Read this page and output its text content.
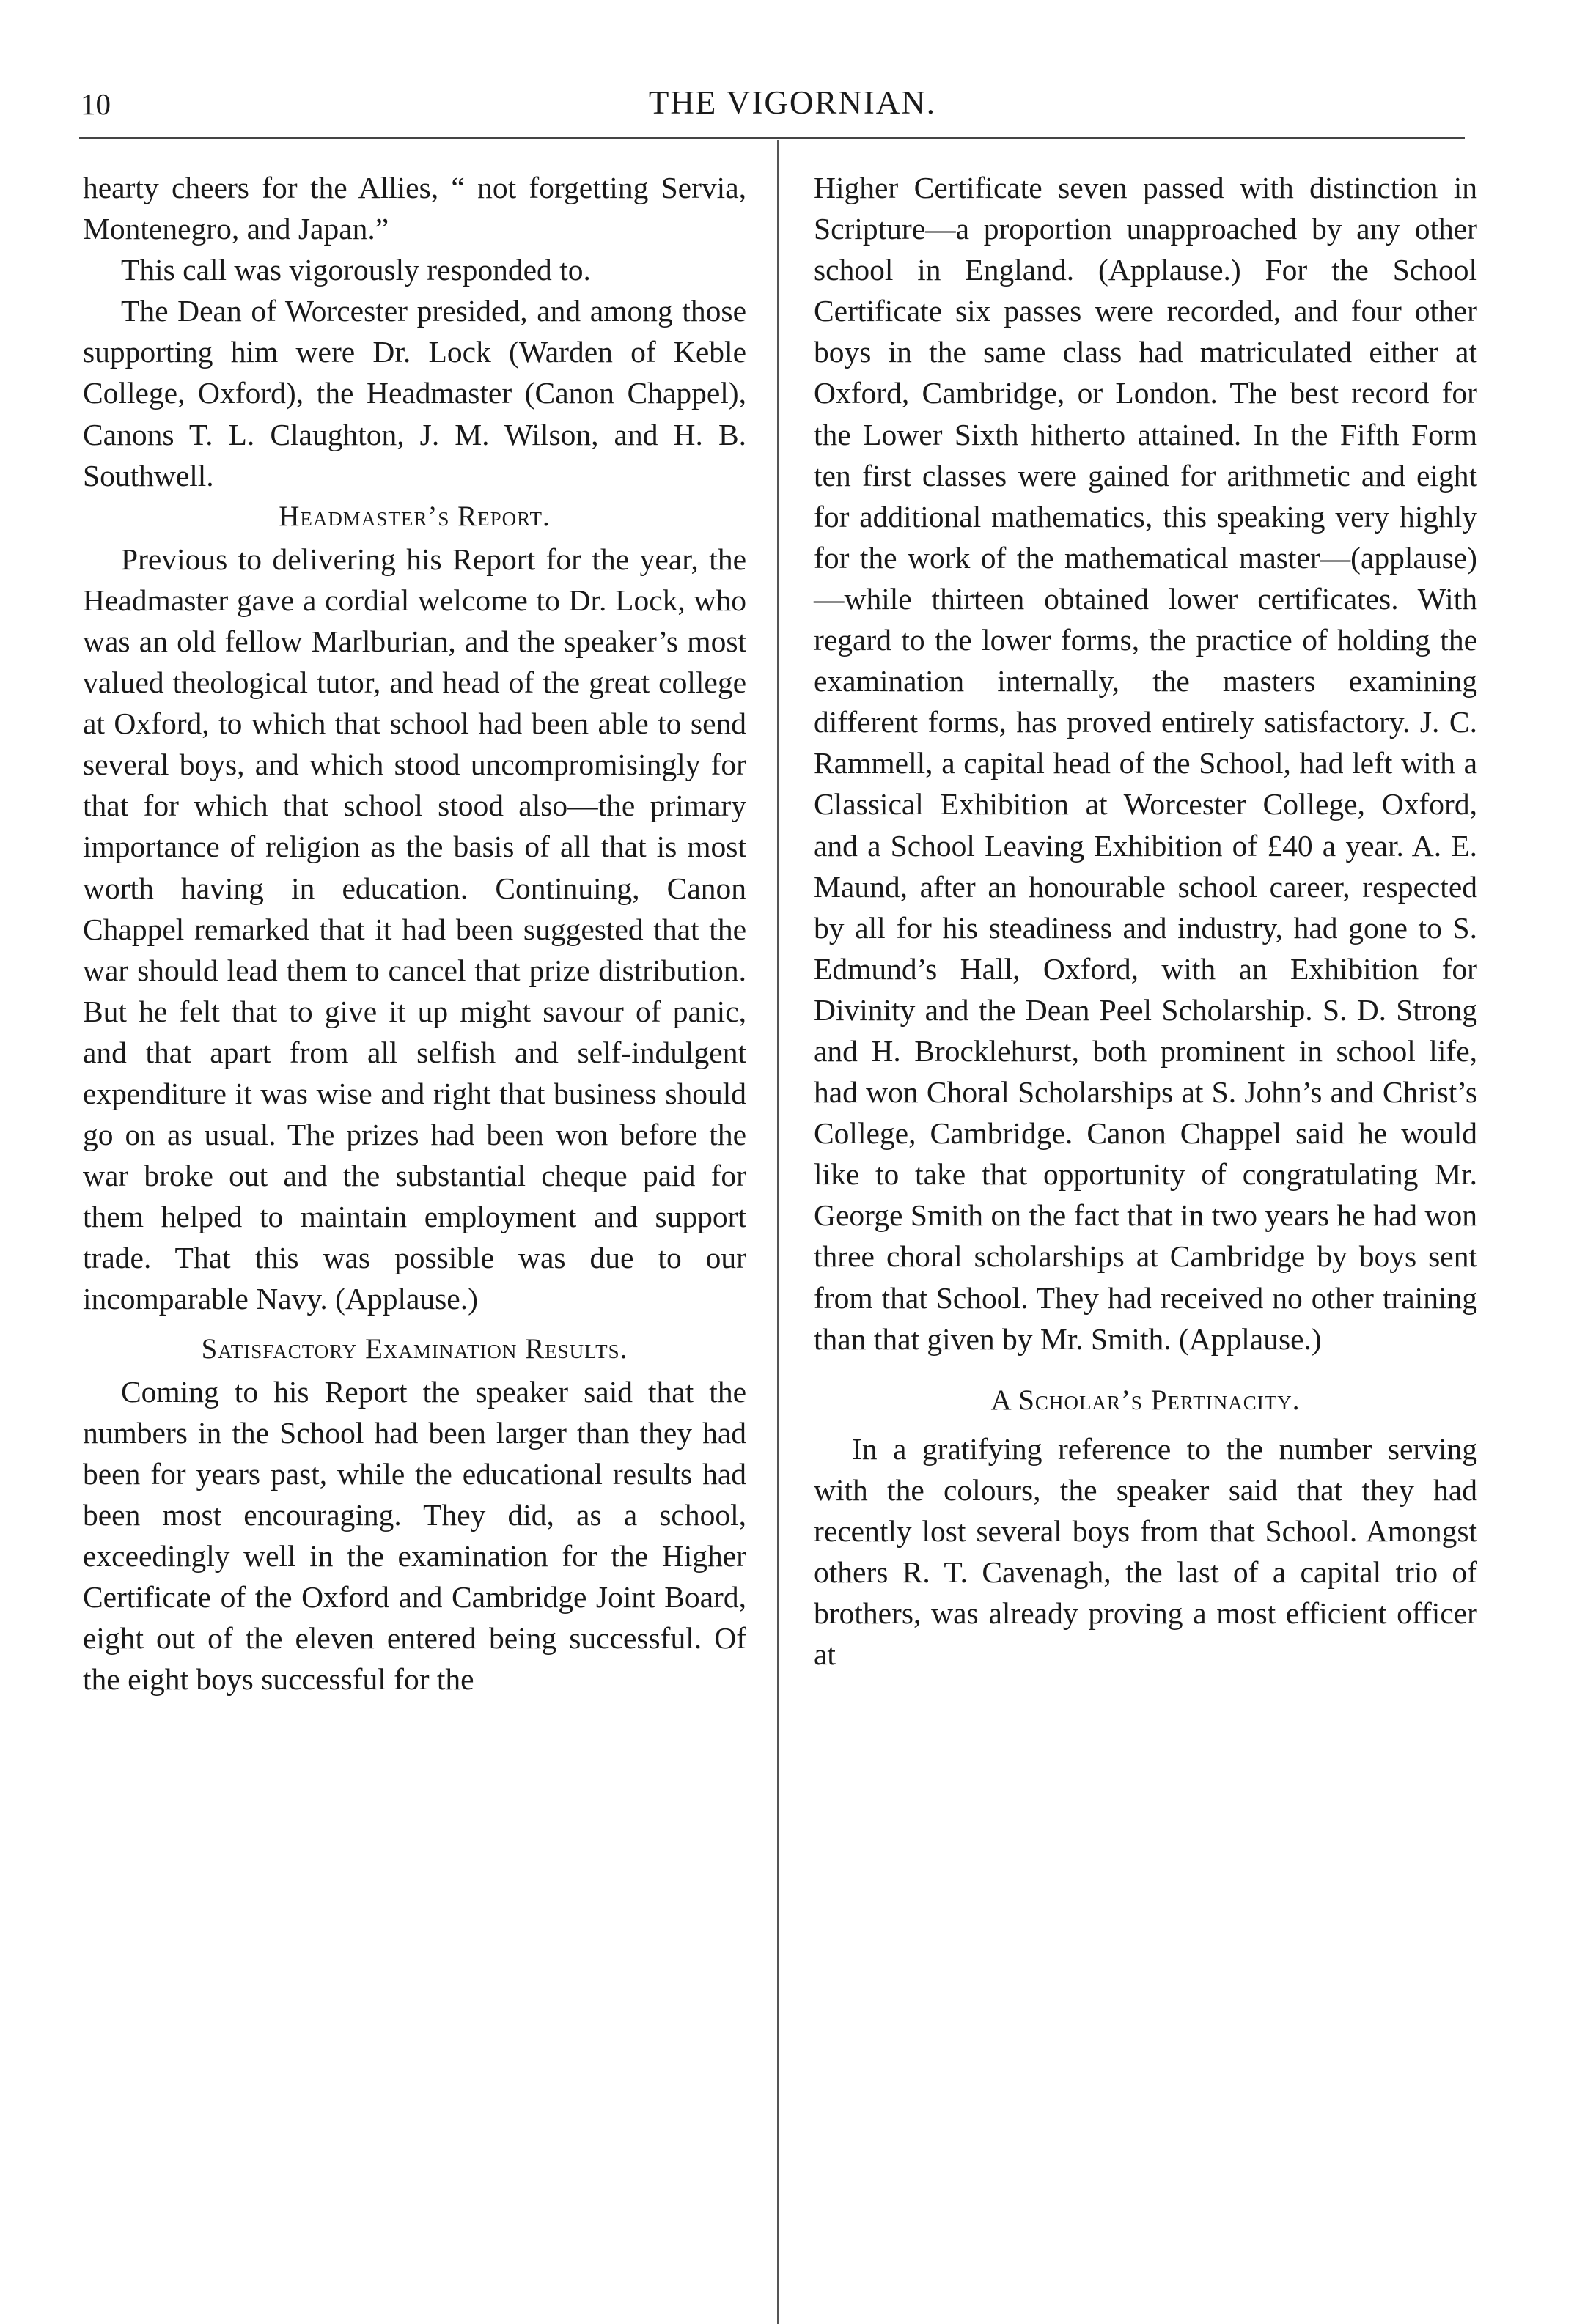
10	THE VIGORNIAN.

hearty cheers for the Allies, “ not forgetting Servia, Montenegro, and Japan.”

This call was vigorously responded to.

The Dean of Worcester presided, and among those supporting him were Dr. Lock (Warden of Keble College, Oxford), the Headmaster (Canon Chappel), Canons T. L. Claughton, J. M. Wilson, and H. B. Southwell.

Headmaster’s Report.

Previous to delivering his Report for the year, the Headmaster gave a cordial welcome to Dr. Lock, who was an old fellow Marlburian, and the speaker’s most valued theological tutor, and head of the great college at Oxford, to which that school had been able to send several boys, and which stood uncompromisingly for that for which that school stood also—the primary importance of religion as the basis of all that is most worth having in education. Continuing, Canon Chappel remarked that it had been suggested that the war should lead them to cancel that prize distribution. But he felt that to give it up might savour of panic, and that apart from all selfish and self-indulgent expenditure it was wise and right that business should go on as usual. The prizes had been won before the war broke out and the substantial cheque paid for them helped to maintain employment and support trade. That this was possible was due to our incomparable Navy. (Applause.)

Satisfactory Examination Results.

Coming to his Report the speaker said that the numbers in the School had been larger than they had been for years past, while the educational results had been most encouraging. They did, as a school, exceedingly well in the examination for the Higher Certificate of the Oxford and Cambridge Joint Board, eight out of the eleven entered being successful. Of the eight boys successful for the

Higher Certificate seven passed with distinction in Scripture—a proportion unapproached by any other school in England. (Applause.) For the School Certificate six passes were recorded, and four other boys in the same class had matriculated either at Oxford, Cambridge, or London. The best record for the Lower Sixth hitherto attained. In the Fifth Form ten first classes were gained for arithmetic and eight for additional mathematics, this speaking very highly for the work of the mathematical master—(applause)—while thirteen obtained lower certificates. With regard to the lower forms, the practice of holding the examination internally, the masters examining different forms, has proved entirely satisfactory. J. C. Rammell, a capital head of the School, had left with a Classical Exhibition at Worcester College, Oxford, and a School Leaving Exhibition of £40 a year. A. E. Maund, after an honourable school career, respected by all for his steadiness and industry, had gone to S. Edmund’s Hall, Oxford, with an Exhibition for Divinity and the Dean Peel Scholarship. S. D. Strong and H. Brocklehurst, both prominent in school life, had won Choral Scholarships at S. John’s and Christ’s College, Cambridge. Canon Chappel said he would like to take that opportunity of congratulating Mr. George Smith on the fact that in two years he had won three choral scholarships at Cambridge by boys sent from that School. They had received no other training than that given by Mr. Smith. (Applause.)

A Scholar’s Pertinacity.

In a gratifying reference to the number serving with the colours, the speaker said that they had recently lost several boys from that School. Amongst others R. T. Cavenagh, the last of a capital trio of brothers, was already proving a most efficient officer at
